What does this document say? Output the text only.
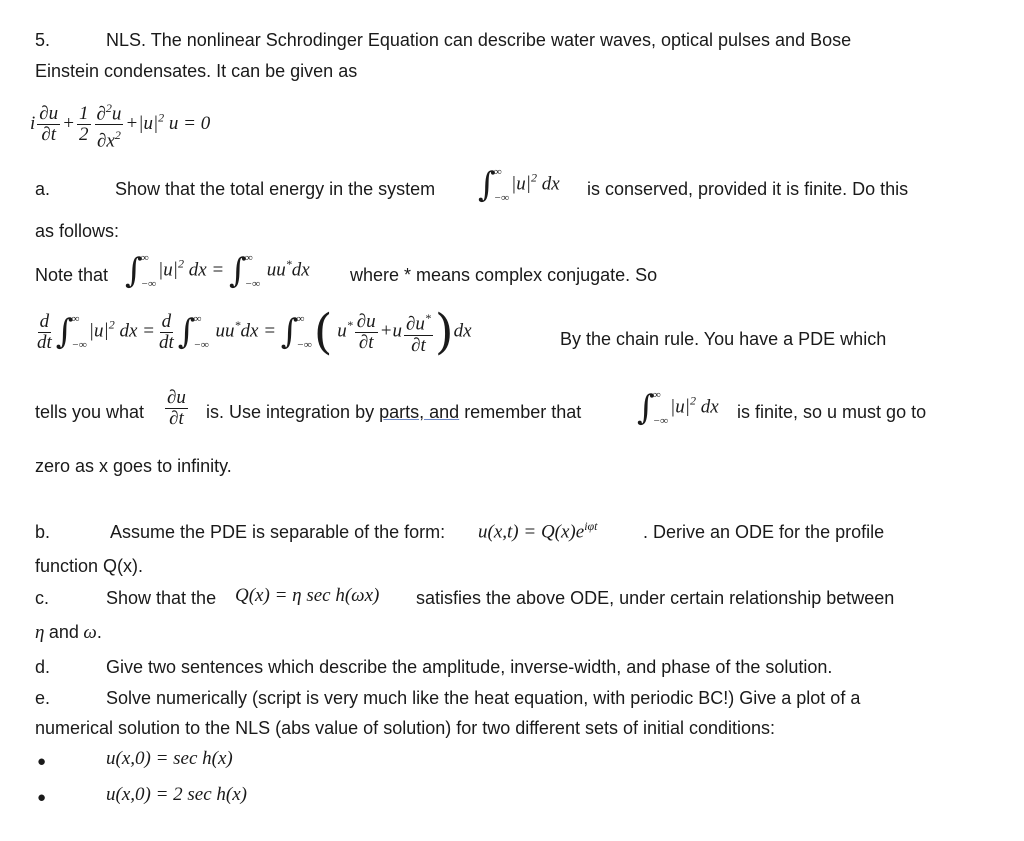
5.	NLS. The nonlinear Schrodinger Equation can describe water waves, optical pulses and Bose
Einstein condensates. It can be given as
i $\frac{\partial u}{\partial t} + \frac{1}{2} \frac{\partial^2u}{\partial x^2} +|u|^2$ u = 0
a.	Show that the total energy in the system ∫
∞
−∞
$|u|^2$ dx is conserved, provided it is finite. Do this
as follows:
Note that ∫
∞
−∞
$|u|^2$ dx = ∫
∞
−∞
uu*dx where * means complex conjugate. So
$\frac{d}{dt}$ ∫
∞
−∞
$|u|^2$ dx = $\frac{d}{dt}$ ∫
∞
−∞
uu*dx = ∫
∞
−∞ ( $u^* \frac{\partial u}{\partial t} +u \frac{\partial u^*}{\partial t} )dx$	By the chain rule. You have a PDE which
tells you what $\frac{\partial u}{\partial t}$ is. Use integration by parts, and remember that ∫
∞
−∞
$|u|^2$ dx is finite, so u must go to
zero as x goes to infinity.
b.	Assume the PDE is separable of the form: $u(x,t) = Q(x)e^{i\varphi t}$	. Derive an ODE for the profile
function Q(x).
c.	Show that the Q(x) = η sec h(ωx) satisfies the above ODE, under certain relationship between
η and ω.
d.	Give two sentences which describe the amplitude, inverse-width, and phase of the solution.
e.	Solve numerically (script is very much like the heat equation, with periodic BC!) Give a plot of a
numerical solution to the NLS (abs value of solution) for two different sets of initial conditions:
●	u(x,0) = sec h(x)
●	u(x,0) = 2 sec h(x)
